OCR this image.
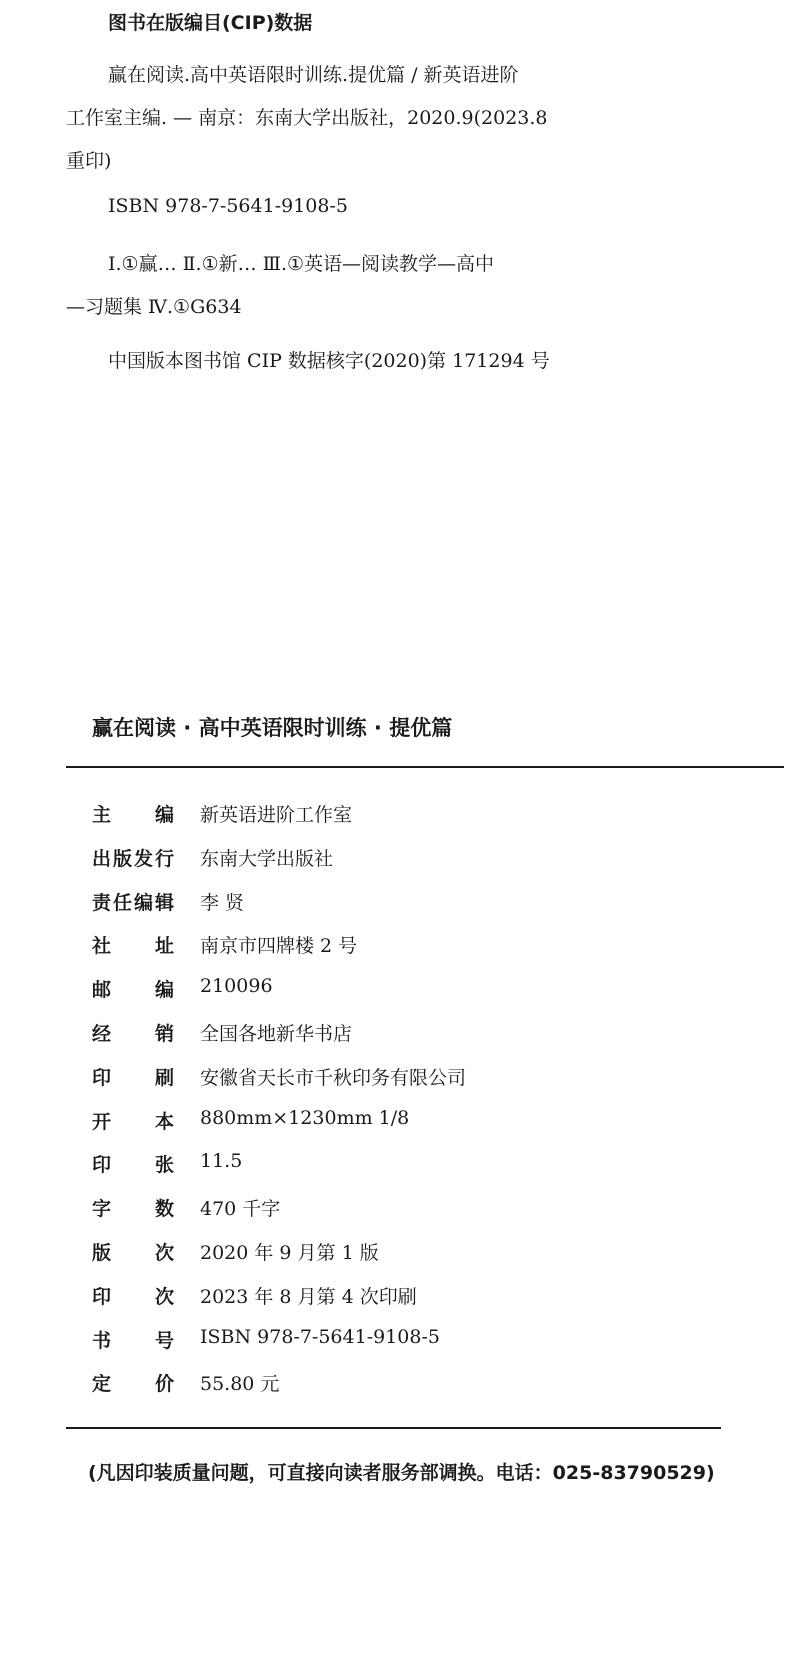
图书在版编目(CIP)数据
赢在阅读.高中英语限时训练.提优篇 / 新英语进阶
工作室主编. — 南京：东南大学出版社，2020.9(2023.8
重印)
ISBN 978-7-5641-9108-5
Ⅰ.①赢… Ⅱ.①新… Ⅲ.①英语—阅读教学—高中
—习题集 Ⅳ.①G634
中国版本图书馆 CIP 数据核字(2020)第 171294 号
赢在阅读 · 高中英语限时训练 · 提优篇
主 编 新英语进阶工作室
出 版 发 行 东南大学出版社
责 任 编 辑 李 贤
社 址 南京市四牌楼 2 号
邮 编 210096
经 销 全国各地新华书店
印 刷 安徽省天长市千秋印务有限公司
开 本 880mm×1230mm 1/8
印 张 11.5
字 数 470 千字
版 次 2020 年 9 月第 1 版
印 次 2023 年 8 月第 4 次印刷
书 号 ISBN 978-7-5641-9108-5
定 价 55.80 元
(凡因印装质量问题，可直接向读者服务部调换。电话：025-83790529)
